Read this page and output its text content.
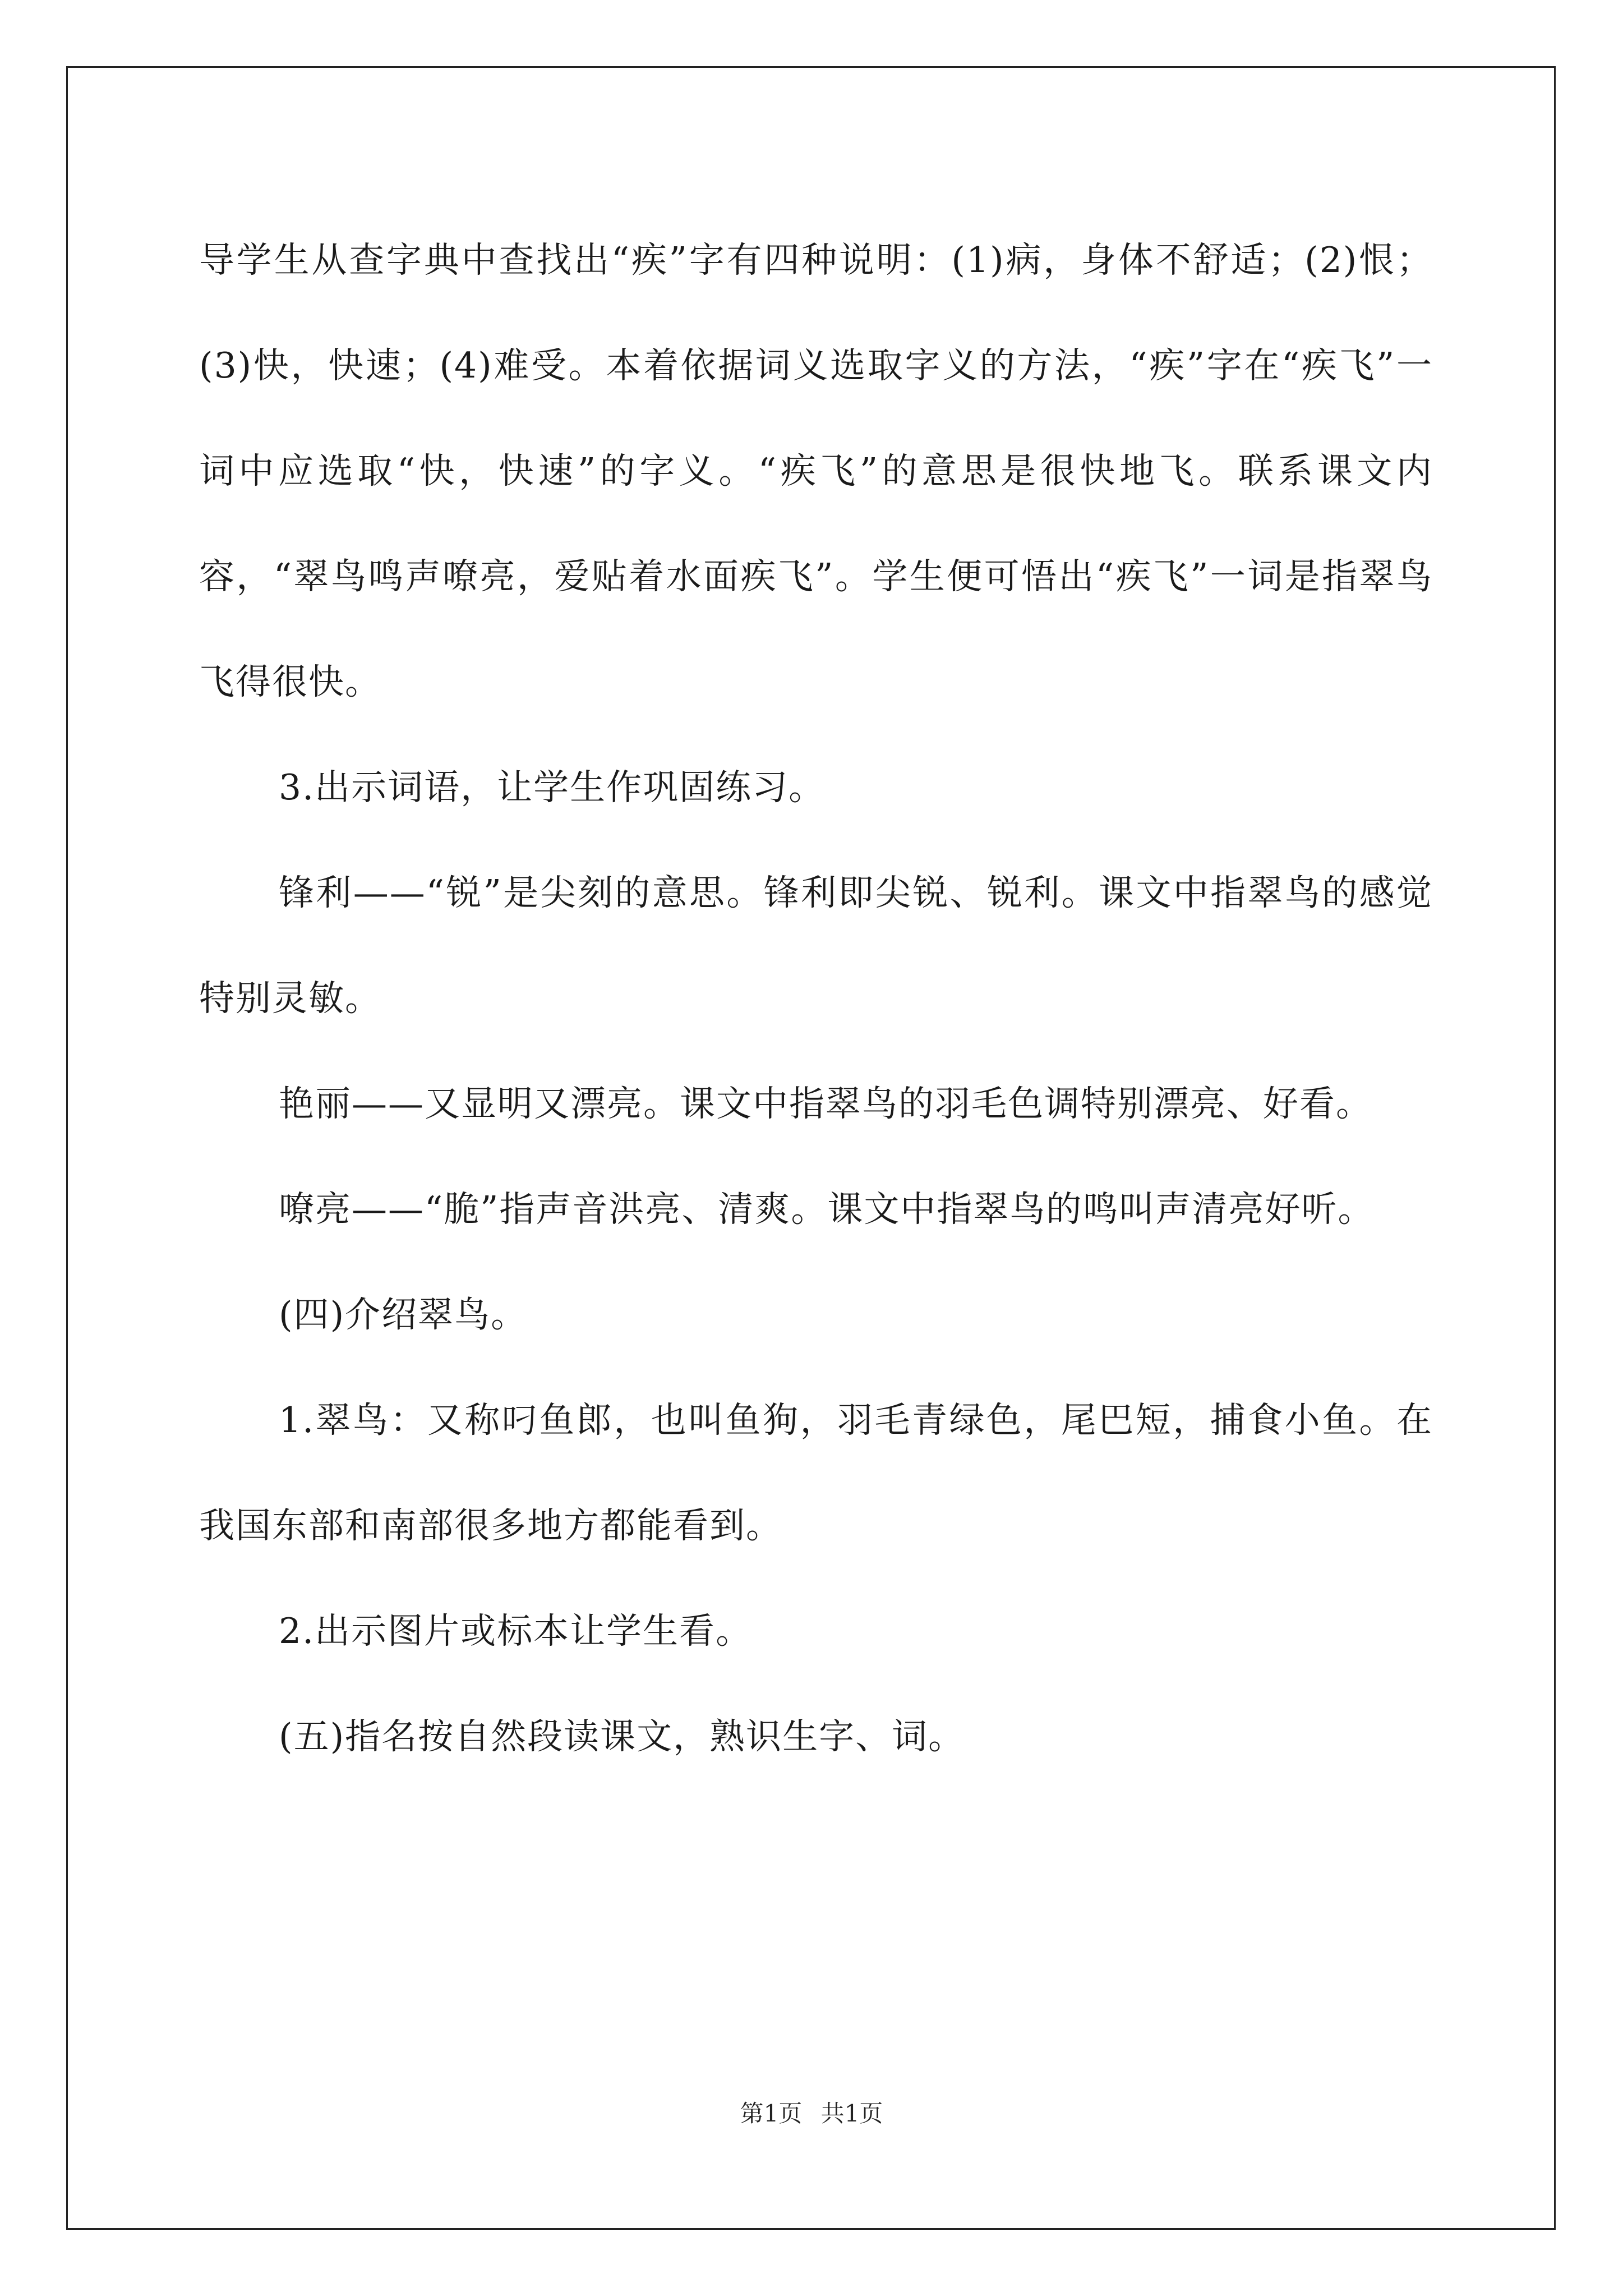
导学生从查字典中查找出“疾”字有四种说明：(1)病，身体不舒适；(2)恨；(3)快，快速；(4)难受。本着依据词义选取字义的方法，“疾”字在“疾飞”一词中应选取“快，快速”的字义。“疾飞”的意思是很快地飞。联系课文内容，“翠鸟鸣声嘹亮，爱贴着水面疾飞”。学生便可悟出“疾飞”一词是指翠鸟飞得很快。

3.出示词语，让学生作巩固练习。

锋利——“锐”是尖刻的意思。锋利即尖锐、锐利。课文中指翠鸟的感觉特别灵敏。

艳丽——又显明又漂亮。课文中指翠鸟的羽毛色调特别漂亮、好看。

嘹亮——“脆”指声音洪亮、清爽。课文中指翠鸟的鸣叫声清亮好听。

(四)介绍翠鸟。

1.翠鸟：又称叼鱼郎，也叫鱼狗，羽毛青绿色，尾巴短，捕食小鱼。在我国东部和南部很多地方都能看到。

2.出示图片或标本让学生看。

(五)指名按自然段读课文，熟识生字、词。

第1页 共1页
